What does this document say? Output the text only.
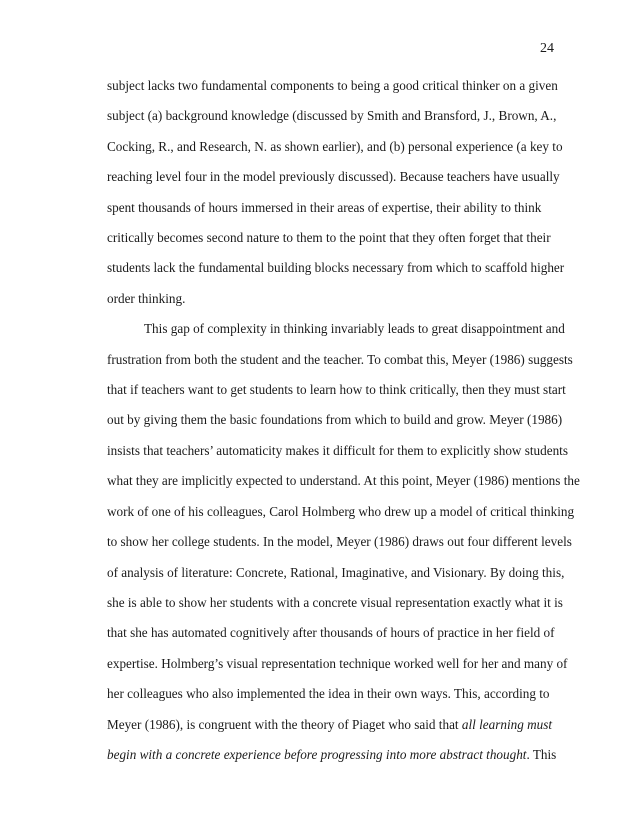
24
subject lacks two fundamental components to being a good critical thinker on a given
subject (a) background knowledge (discussed by Smith and Bransford, J., Brown, A.,
Cocking, R., and Research, N. as shown earlier), and (b) personal experience (a key to
reaching level four in the model previously discussed). Because teachers have usually
spent thousands of hours immersed in their areas of expertise, their ability to think
critically becomes second nature to them to the point that they often forget that their
students lack the fundamental building blocks necessary from which to scaffold higher
order thinking.
This gap of complexity in thinking invariably leads to great disappointment and
frustration from both the student and the teacher. To combat this, Meyer (1986) suggests
that if teachers want to get students to learn how to think critically, then they must start
out by giving them the basic foundations from which to build and grow. Meyer (1986)
insists that teachers’ automaticity makes it difficult for them to explicitly show students
what they are implicitly expected to understand. At this point, Meyer (1986) mentions the
work of one of his colleagues, Carol Holmberg who drew up a model of critical thinking
to show her college students. In the model, Meyer (1986) draws out four different levels
of analysis of literature: Concrete, Rational, Imaginative, and Visionary. By doing this,
she is able to show her students with a concrete visual representation exactly what it is
that she has automated cognitively after thousands of hours of practice in her field of
expertise. Holmberg’s visual representation technique worked well for her and many of
her colleagues who also implemented the idea in their own ways. This, according to
Meyer (1986), is congruent with the theory of Piaget who said that all learning must
begin with a concrete experience before progressing into more abstract thought. This
